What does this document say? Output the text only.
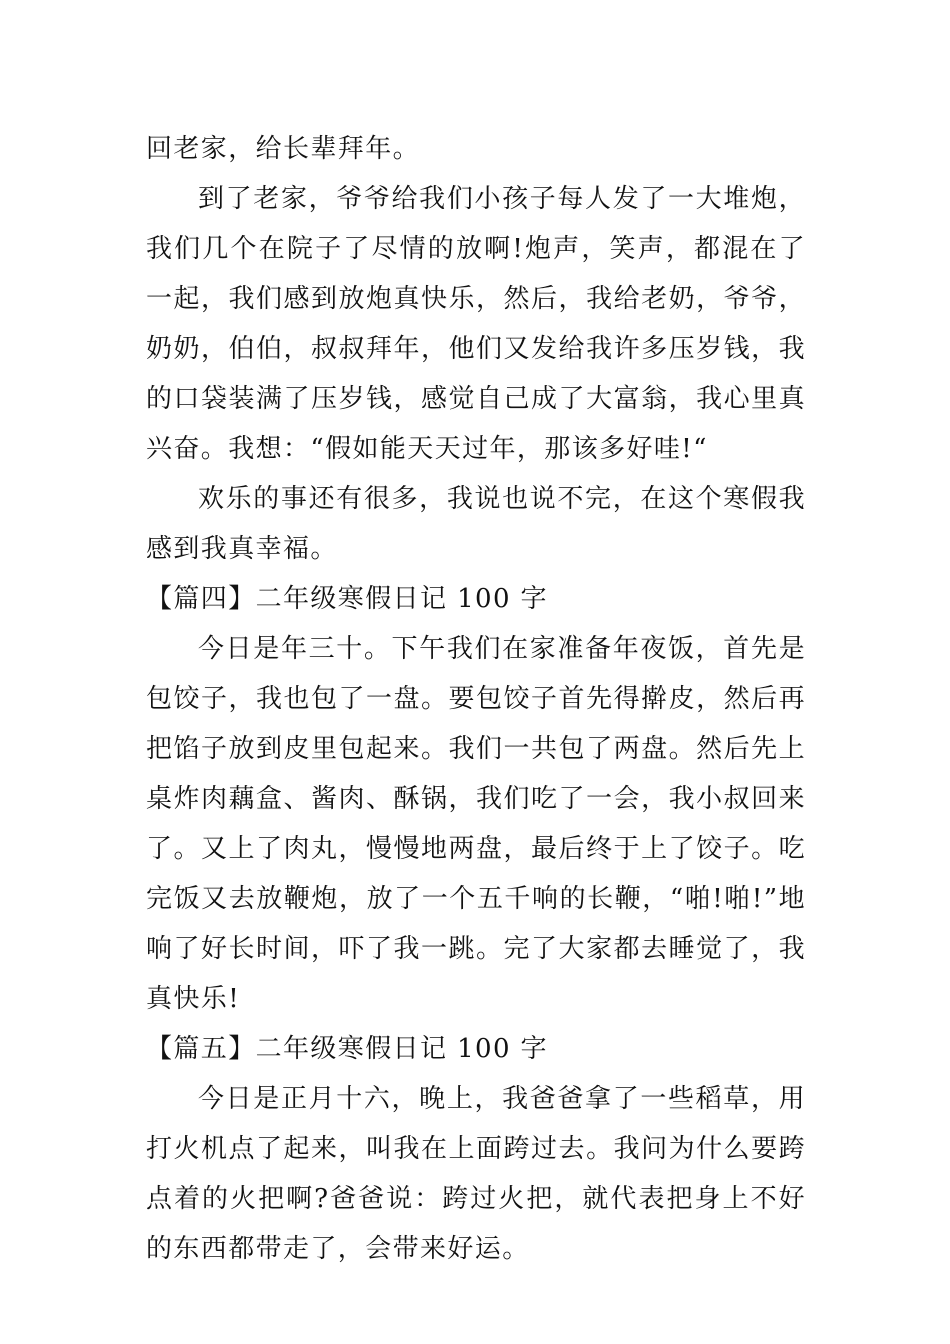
回老家，给长辈拜年。

到了老家，爷爷给我们小孩子每人发了一大堆炮，我们几个在院子了尽情的放啊!炮声，笑声，都混在了一起，我们感到放炮真快乐，然后，我给老奶，爷爷，奶奶，伯伯，叔叔拜年，他们又发给我许多压岁钱，我的口袋装满了压岁钱，感觉自己成了大富翁，我心里真兴奋。我想：“假如能天天过年，那该多好哇!“

欢乐的事还有很多，我说也说不完，在这个寒假我感到我真幸福。

【篇四】二年级寒假日记 100 字

今日是年三十。下午我们在家准备年夜饭，首先是包饺子，我也包了一盘。要包饺子首先得擀皮，然后再把馅子放到皮里包起来。我们一共包了两盘。然后先上桌炸肉藕盒、酱肉、酥锅，我们吃了一会，我小叔回来了。又上了肉丸，慢慢地两盘，最后终于上了饺子。吃完饭又去放鞭炮，放了一个五千响的长鞭，“啪!啪!”地响了好长时间，吓了我一跳。完了大家都去睡觉了，我真快乐!

【篇五】二年级寒假日记 100 字

今日是正月十六，晚上，我爸爸拿了一些稻草，用打火机点了起来，叫我在上面跨过去。我问为什么要跨点着的火把啊?爸爸说：跨过火把，就代表把身上不好的东西都带走了，会带来好运。
